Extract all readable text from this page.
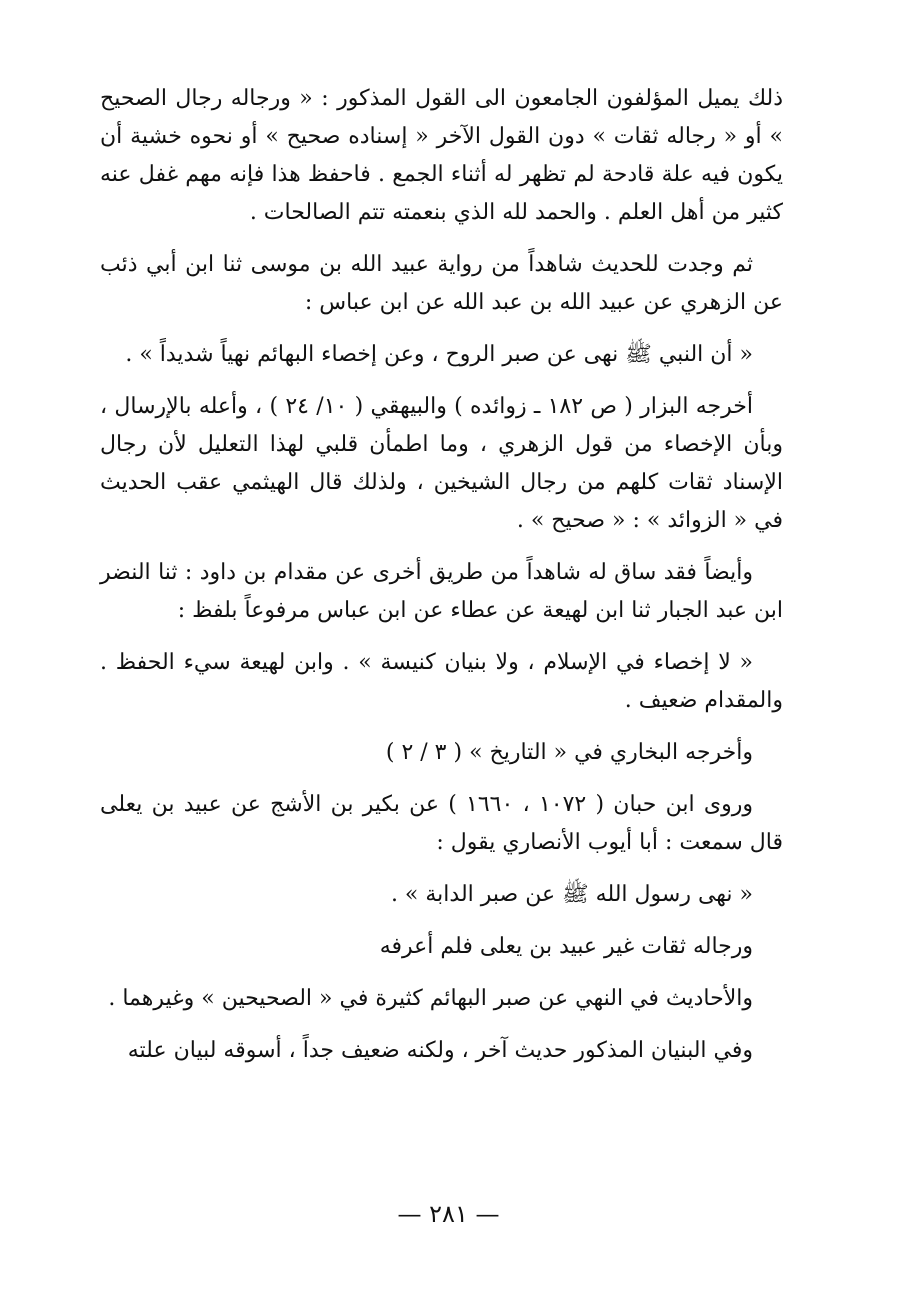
ذلك يميل المؤلفون الجامعون الى القول المذكور : « ورجاله رجال الصحيح » أو « رجاله ثقات » دون القول الآخر « إسناده صحيح » أو نحوه خشية أن يكون فيه علة قادحة لم تظهر له أثناء الجمع . فاحفظ هذا فإنه مهم غفل عنه كثير من أهل العلم . والحمد لله الذي بنعمته تتم الصالحات .

ثم وجدت للحديث شاهداً من رواية عبيد الله بن موسى ثنا ابن أبي ذئب عن الزهري عن عبيد الله بن عبد الله عن ابن عباس :

« أن النبي ﷺ نهى عن صبر الروح ، وعن إخصاء البهائم نهياً شديداً » .

أخرجه البزار ( ص ١٨٢ ـ زوائده ) والبيهقي ( ١٠/ ٢٤ ) ، وأعله بالإرسال ، وبأن الإخصاء من قول الزهري ، وما اطمأن قلبي لهذا التعليل لأن رجال الإسناد ثقات كلهم من رجال الشيخين ، ولذلك قال الهيثمي عقب الحديث في « الزوائد » : « صحيح » .

وأيضاً فقد ساق له شاهداً من طريق أخرى عن مقدام بن داود : ثنا النضر ابن عبد الجبار ثنا ابن لهيعة عن عطاء عن ابن عباس مرفوعاً بلفظ :

« لا إخصاء في الإسلام ، ولا بنيان كنيسة » . وابن لهيعة سيء الحفظ . والمقدام ضعيف .

وأخرجه البخاري في « التاريخ » ( ٣ / ٢ )

وروى ابن حبان ( ١٠٧٢ ، ١٦٦٠ ) عن بكير بن الأشج عن عبيد بن يعلى قال سمعت : أبا أيوب الأنصاري يقول :

« نهى رسول الله ﷺ عن صبر الدابة » .

ورجاله ثقات غير عبيد بن يعلى فلم أعرفه

والأحاديث في النهي عن صبر البهائم كثيرة في « الصحيحين » وغيرهما .

وفي البنيان المذكور حديث آخر ، ولكنه ضعيف جداً ، أسوقه لبيان علته

— ٢٨١ —
